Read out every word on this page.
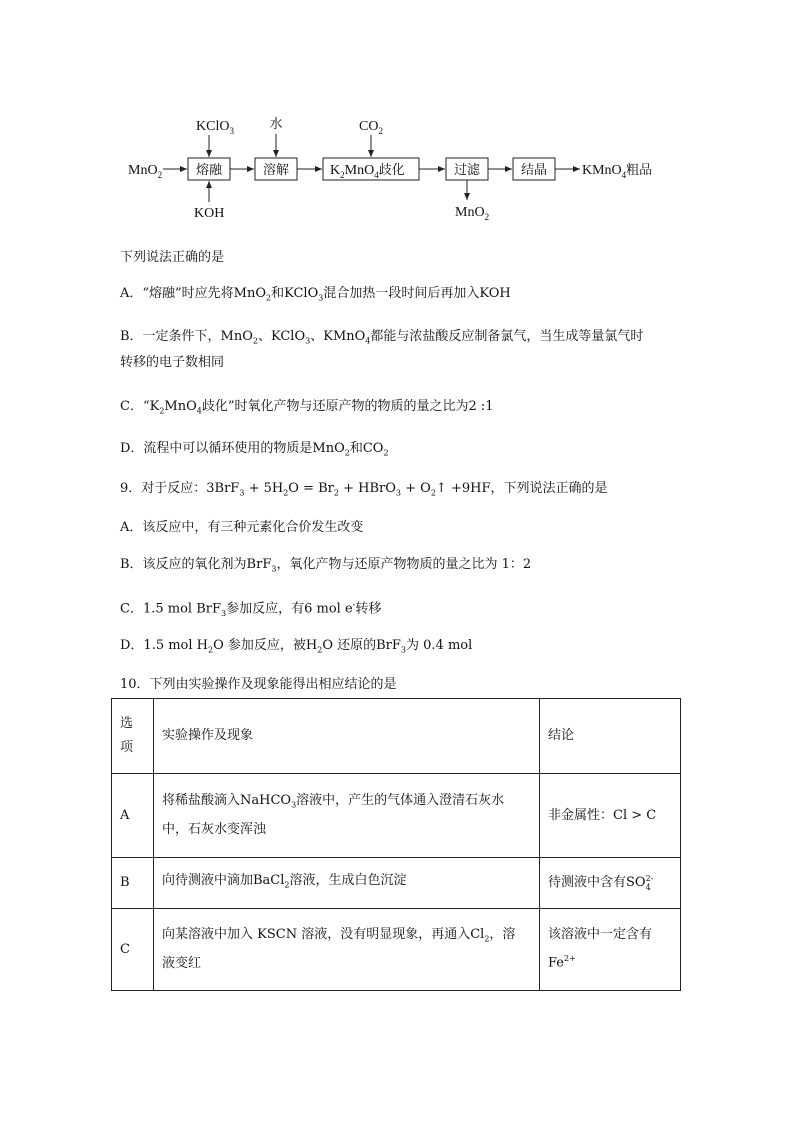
MnO$_2$	熔融
KClO$_3$
KOH
溶解
水
$K_2MnO_4$歧化
$CO_2$
过滤
MnO$_2$
结晶 KMnO$_4$粗品
下列说法正确的是
A．“熔融”时应先将MnO$_2$和KClO$_3$混合加热一段时间后再加入KOH
B．一定条件下，MnO$_2$、KClO$_3$、KMnO$_4$都能与浓盐酸反应制备氯气，当生成等量氯气时
转移的电子数相同
C．“$K_2MnO_4$歧化”时氧化产物与还原产物的物质的量之比为2 :1
D．流程中可以循环使用的物质是MnO$_2$和$CO_2$
9．对于反应：$3BrF_3 + 5H_2O = Br_2$ + HBrO$_3$ + $O_2↑ +9HF$，下列说法正确的是
A．该反应中，有三种元素化合价发生改变
B．该反应的氧化剂为BrF$_3$，氧化产物与还原产物物质的量之比为 1：2
C．1.5 mol BrF$_3$参加反应，有6 mol e-转移
D．1.5 mol $H_2O$ 参加反应，被$H_2O$ 还原的BrF$_3$为 0.4 mol
10．下列由实验操作及现象能得出相应结论的是
选
项	实验操作及现象	结论
A	将稀盐酸滴入NaHCO$_3$溶液中，产生的气体通入澄清石灰水
中，石灰水变浑浊	非金属性：Cl > C
B	向待测液中滴加BaCl$_2$溶液，生成白色沉淀	待测液中含有SO2-
4
C	向某溶液中加入 KSCN 溶液，没有明显现象，再通入$Cl_2$，溶
液变红	该溶液中一定含有
$Fe^{2+}$
